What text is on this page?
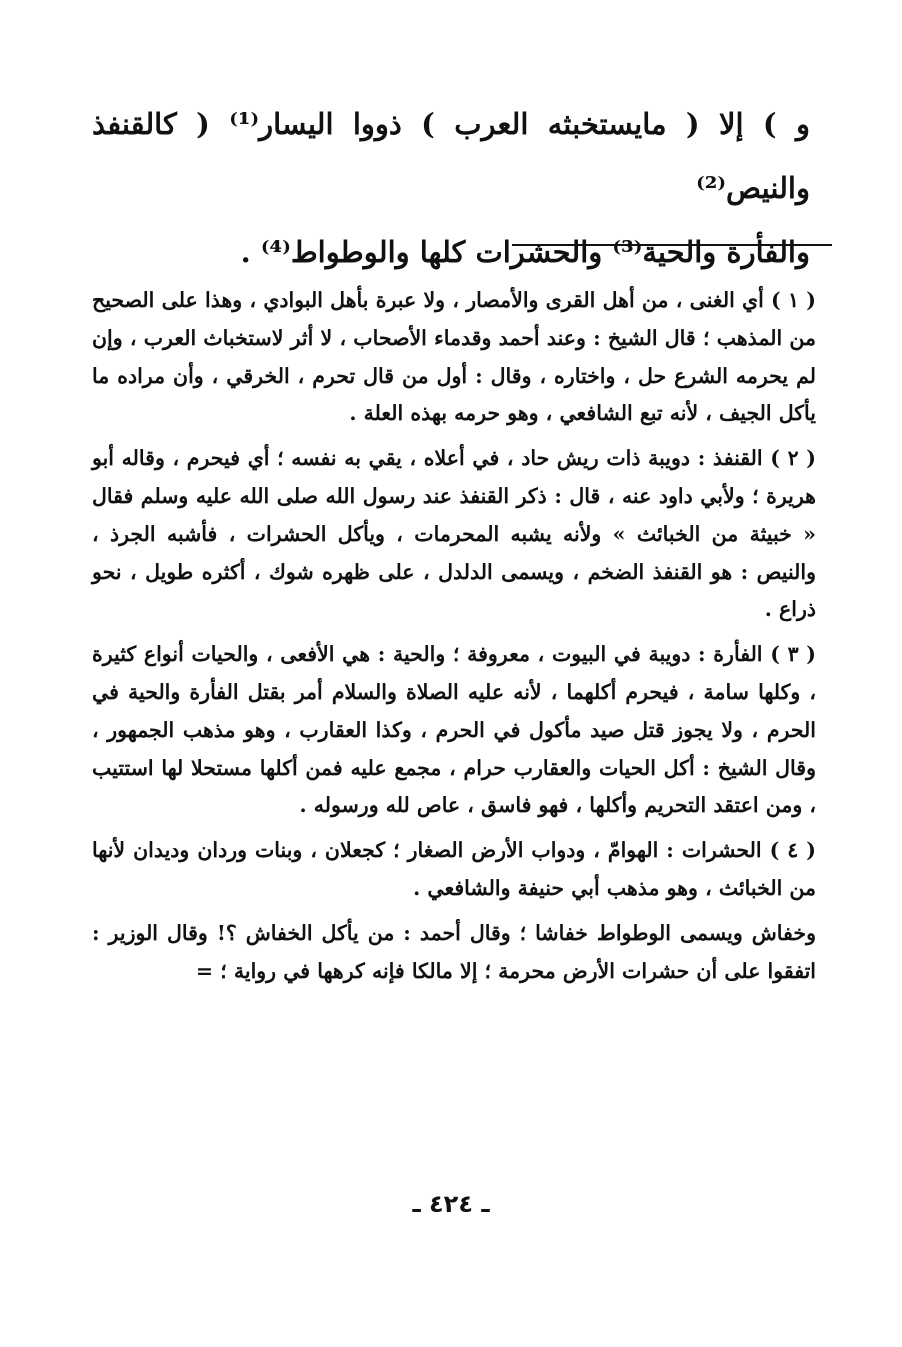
و ) إلا ( مايستخبثه العرب ) ذووا اليسار⁽¹⁾ ( كالقنفذ والنيص⁽²⁾

والفأرة والحية⁽³⁾ والحشرات كلها والوطواط⁽⁴⁾ .

( ١ ) أي الغنى ، من أهل القرى والأمصار ، ولا عبرة بأهل البوادي ، وهذا على الصحيح من المذهب ؛ قال الشيخ : وعند أحمد وقدماء الأصحاب ، لا أثر لاستخباث العرب ، وإن لم يحرمه الشرع حل ، واختاره ، وقال : أول من قال تحرم ، الخرقي ، وأن مراده ما يأكل الجيف ، لأنه تبع الشافعي ، وهو حرمه بهذه العلة .

( ٢ ) القنفذ : دويبة ذات ريش حاد ، في أعلاه ، يقي به نفسه ؛ أي فيحرم ، وقاله أبو هريرة ؛ ولأبي داود عنه ، قال : ذكر القنفذ عند رسول الله صلى الله عليه وسلم فقال « خبيثة من الخبائث » ولأنه يشبه المحرمات ، ويأكل الحشرات ، فأشبه الجرذ ، والنيص : هو القنفذ الضخم ، ويسمى الدلدل ، على ظهره شوك ، أكثره طويل ، نحو ذراع .

( ٣ ) الفأرة : دويبة في البيوت ، معروفة ؛ والحية : هي الأفعى ، والحيات أنواع كثيرة ، وكلها سامة ، فيحرم أكلهما ، لأنه عليه الصلاة والسلام أمر بقتل الفأرة والحية في الحرم ، ولا يجوز قتل صيد مأكول في الحرم ، وكذا العقارب ، وهو مذهب الجمهور ، وقال الشيخ : أكل الحيات والعقارب حرام ، مجمع عليه فمن أكلها مستحلا لها استتيب ، ومن اعتقد التحريم وأكلها ، فهو فاسق ، عاص لله ورسوله .

( ٤ ) الحشرات : الهوامّ ، ودواب الأرض الصغار ؛ كجعلان ، وبنات وردان وديدان لأنها من الخبائث ، وهو مذهب أبي حنيفة والشافعي .

وخفاش ويسمى الوطواط خفاشا ؛ وقال أحمد : من يأكل الخفاش ؟! وقال الوزير : اتفقوا على أن حشرات الأرض محرمة ؛ إلا مالكا فإنه كرهها في رواية ؛ =

ـ ٤٢٤ ـ
